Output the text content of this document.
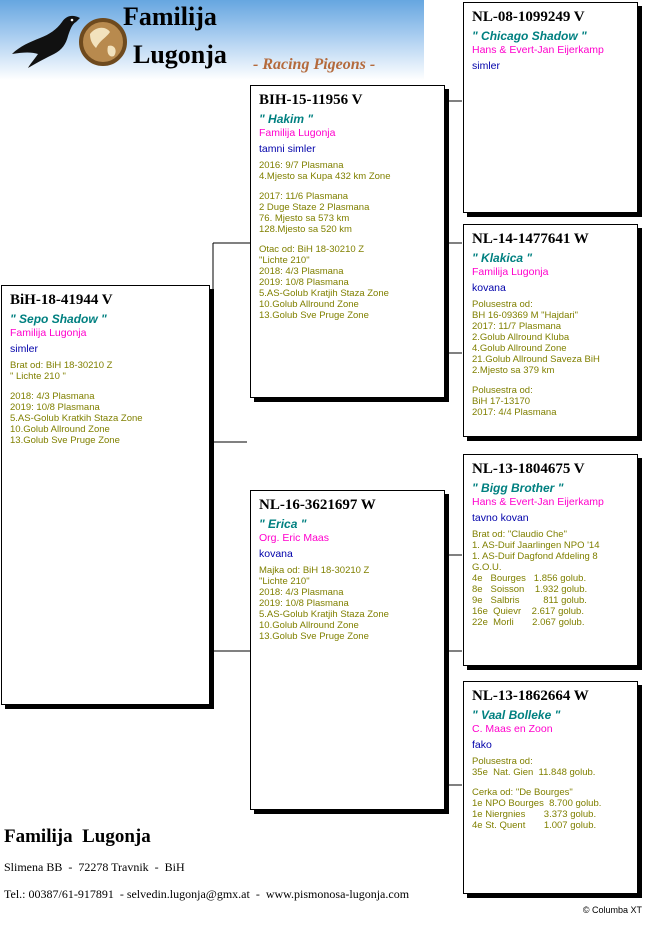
Familija
Lugonja - Racing Pigeons -
BiH-18-41944 V
" Sepo Shadow "
Familija Lugonja
simler
Brat od: BiH 18-30210 Z
" Lichte 210 "
2018: 4/3 Plasmana
2019: 10/8 Plasmana
5.AS-Golub Kratkih Staza Zone
10.Golub Allround Zone
13.Golub Sve Pruge Zone
BIH-15-11956 V
" Hakim "
Familija Lugonja
tamni simler
2016: 9/7 Plasmana
4.Mjesto sa Kupa 432 km Zone
2017: 11/6 Plasmana
2 Duge Staze 2 Plasmana
76. Mjesto sa 573 km
128.Mjesto sa 520 km
Otac od: BiH 18-30210 Z
"Lichte 210"
2018: 4/3 Plasmana
2019: 10/8 Plasmana
5.AS-Golub Kratjih Staza Zone
10.Golub Allround Zone
13.Golub Sve Pruge Zone
NL-16-3621697 W
" Erica "
Org. Eric Maas
kovana
Majka od: BiH 18-30210 Z
"Lichte 210"
2018: 4/3 Plasmana
2019: 10/8 Plasmana
5.AS-Golub Kratjih Staza Zone
10.Golub Allround Zone
13.Golub Sve Pruge Zone
NL-08-1099249 V
" Chicago Shadow "
Hans & Evert-Jan Eijerkamp
simler
NL-14-1477641 W
" Klakica "
Familija Lugonja
kovana
Polusestra od:
BH 16-09369 M "Hajdari"
2017: 11/7 Plasmana
2.Golub Allround Kluba
4.Golub Allround Zone
21.Golub Allround Saveza BiH
2.Mjesto sa 379 km
Polusestra od:
BiH 17-13170
2017: 4/4 Plasmana
NL-13-1804675 V
" Bigg Brother "
Hans & Evert-Jan Eijerkamp
tavno kovan
Brat od: "Claudio Che"
1. AS-Duif Jaarlingen NPO '14
1. AS-Duif Dagfond Afdeling 8
G.O.U.
4e   Bourges   1.856 golub.
8e   Soisson    1.932 golub.
9e   Salbris         811 golub.
16e  Quievr    2.617 golub.
22e  Morli       2.067 golub.
NL-13-1862664 W
" Vaal Bolleke "
C. Maas en Zoon
fako
Polusestra od:
35e  Nat. Gien  11.848 golub.
Cerka od: "De Bourges"
1e NPO Bourges  8.700 golub.
1e Niergnies       3.373 golub.
4e St. Quent       1.007 golub.
Familija  Lugonja
Slimena BB  -  72278 Travnik  -  BiH
Tel.: 00387/61-917891  - selvedin.lugonja@gmx.at  -  www.pismonosa-lugonja.com
© Columba XT
